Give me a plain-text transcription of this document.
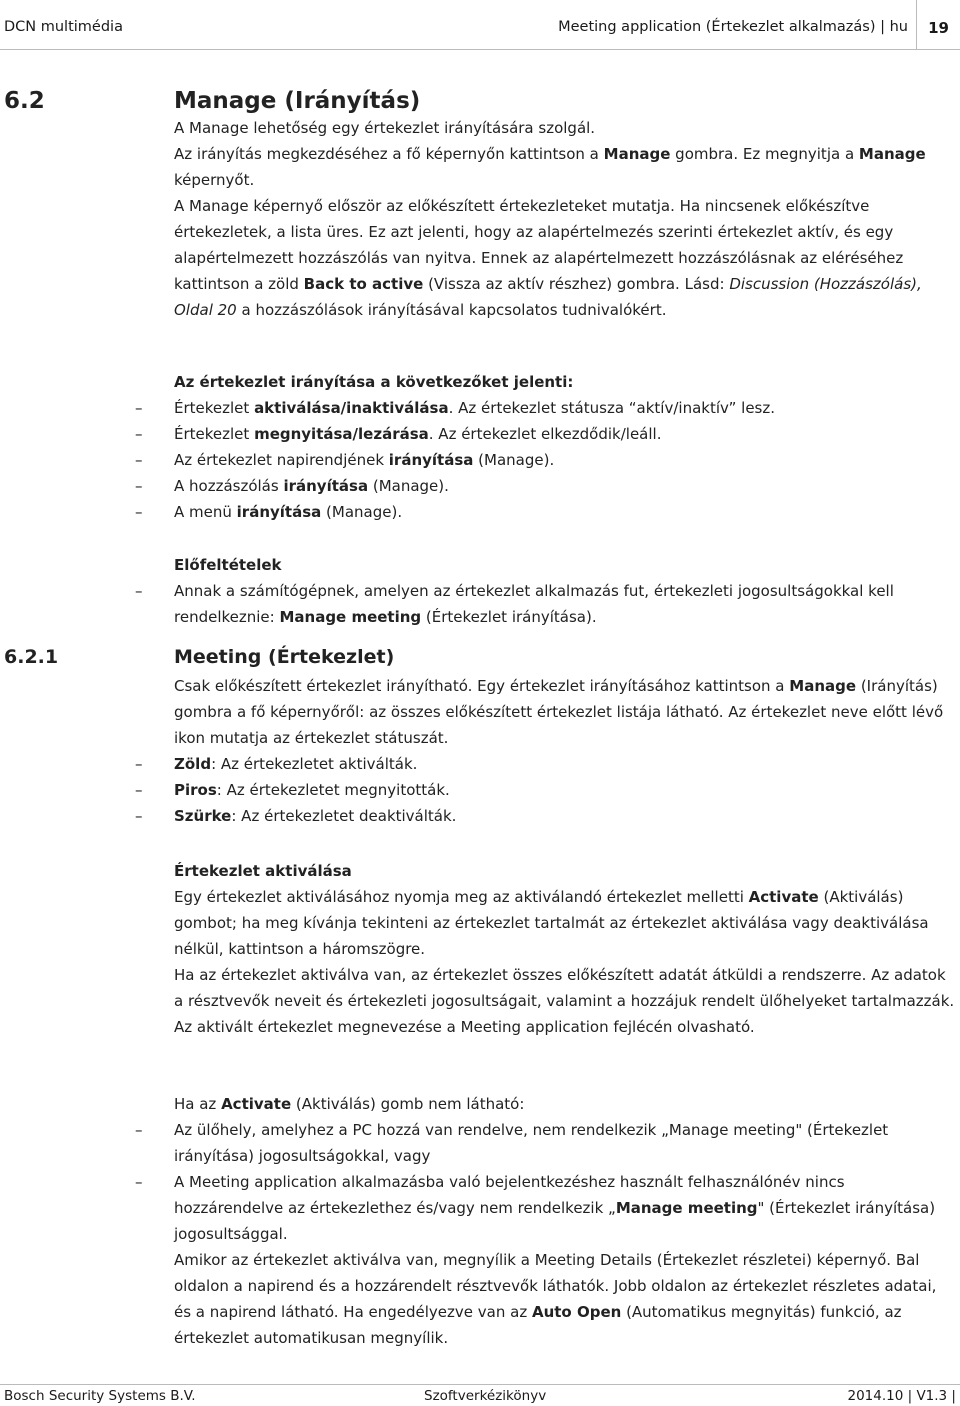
DCN multimédia	Meeting application (Értekezlet alkalmazás) | hu	19
6.2	Manage (Irányítás)

A Manage lehetőség egy értekezlet irányítására szolgál.

Az irányítás megkezdéséhez a fő képernyőn kattintson a Manage gombra. Ez megnyitja a Manage képernyőt.

A Manage képernyő először az előkészített értekezleteket mutatja. Ha nincsenek előkészítve értekezletek, a lista üres. Ez azt jelenti, hogy az alapértelmezés szerinti értekezlet aktív, és egy alapértelmezett hozzászólás van nyitva. Ennek az alapértelmezett hozzászólásnak az eléréséhez kattintson a zöld Back to active (Vissza az aktív részhez) gombra. Lásd: Discussion (Hozzászólás), Oldal 20 a hozzászólások irányításával kapcsolatos tudnivalókért.

Az értekezlet irányítása a következőket jelenti:

– Értekezlet aktiválása/inaktiválása. Az értekezlet státusza “aktív/inaktív” lesz.
– Értekezlet megnyitása/lezárása. Az értekezlet elkezdődik/leáll.
– Az értekezlet napirendjének irányítása (Manage).
– A hozzászólás irányítása (Manage).
– A menü irányítása (Manage).

Előfeltételek

– Annak a számítógépnek, amelyen az értekezlet alkalmazás fut, értekezleti jogosultságokkal kell rendelkeznie: Manage meeting (Értekezlet irányítása).
6.2.1	Meeting (Értekezlet)

Csak előkészített értekezlet irányítható. Egy értekezlet irányításához kattintson a Manage (Irányítás) gombra a fő képernyőről: az összes előkészített értekezlet listája látható. Az értekezlet neve előtt lévő ikon mutatja az értekezlet státuszát.

– Zöld: Az értekezletet aktiválták.
– Piros: Az értekezletet megnyitották.
– Szürke: Az értekezletet deaktiválták.

Értekezlet aktiválása

Egy értekezlet aktiválásához nyomja meg az aktiválandó értekezlet melletti Activate (Aktiválás) gombot; ha meg kívánja tekinteni az értekezlet tartalmát az értekezlet aktiválása vagy deaktiválása nélkül, kattintson a háromszögre.

Ha az értekezlet aktiválva van, az értekezlet összes előkészített adatát átküldi a rendszerre. Az adatok a résztvevők neveit és értekezleti jogosultságait, valamint a hozzájuk rendelt ülőhelyeket tartalmazzák. Az aktivált értekezlet megnevezése a Meeting application fejlécén olvasható.

Ha az Activate (Aktiválás) gomb nem látható:

– Az ülőhely, amelyhez a PC hozzá van rendelve, nem rendelkezik „Manage meeting" (Értekezlet irányítása) jogosultságokkal, vagy
– A Meeting application alkalmazásba való bejelentkezéshez használt felhasználónév nincs hozzárendelve az értekezlethez és/vagy nem rendelkezik „Manage meeting" (Értekezlet irányítása) jogosultsággal.

Amikor az értekezlet aktiválva van, megnyílik a Meeting Details (Értekezlet részletei) képernyő. Bal oldalon a napirend és a hozzárendelt résztvevők láthatók. Jobb oldalon az értekezlet részletes adatai, és a napirend látható. Ha engedélyezve van az Auto Open (Automatikus megnyitás) funkció, az értekezlet automatikusan megnyílik.

Bosch Security Systems B.V.	Szoftverkézikönyv	2014.10 | V1.3 |
